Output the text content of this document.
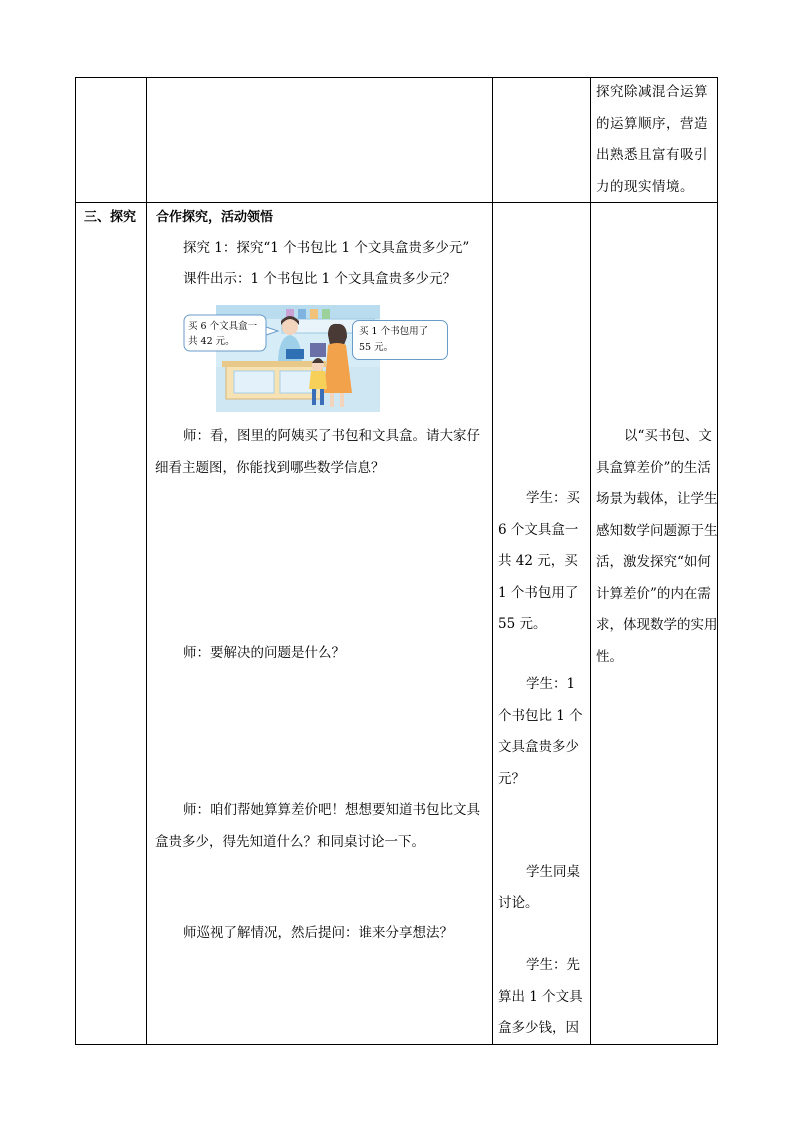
探究除减混合运算的运算顺序，营造出熟悉且富有吸引力的现实情境。
三、探究 合作探究，活动领悟
探究 1：探究“1 个书包比 1 个文具盒贵多少元”
课件出示：1 个书包比 1 个文具盒贵多少元？
买 6 个文具盒一
共 42 元。
买 1 个书包用了
55 元。
师：看，图里的阿姨买了书包和文具盒。请大家仔细看主题图，你能找到哪些数学信息？
师：要解决的问题是什么？
师：咱们帮她算算差价吧！想想要知道书包比文具盒贵多少，得先知道什么？和同桌讨论一下。
师巡视了解情况，然后提问：谁来分享想法？
学生：买 6 个文具盒一共 42 元，买 1 个书包用了 55 元。
学生：1 个书包比 1 个文具盒贵多少元？
学生同桌讨论。
学生：先算出 1 个文具盒多少钱，因
以“买书包、文具盒算差价”的生活场景为载体，让学生感知数学问题源于生活，激发探究“如何计算差价”的内在需求，体现数学的实用性。
